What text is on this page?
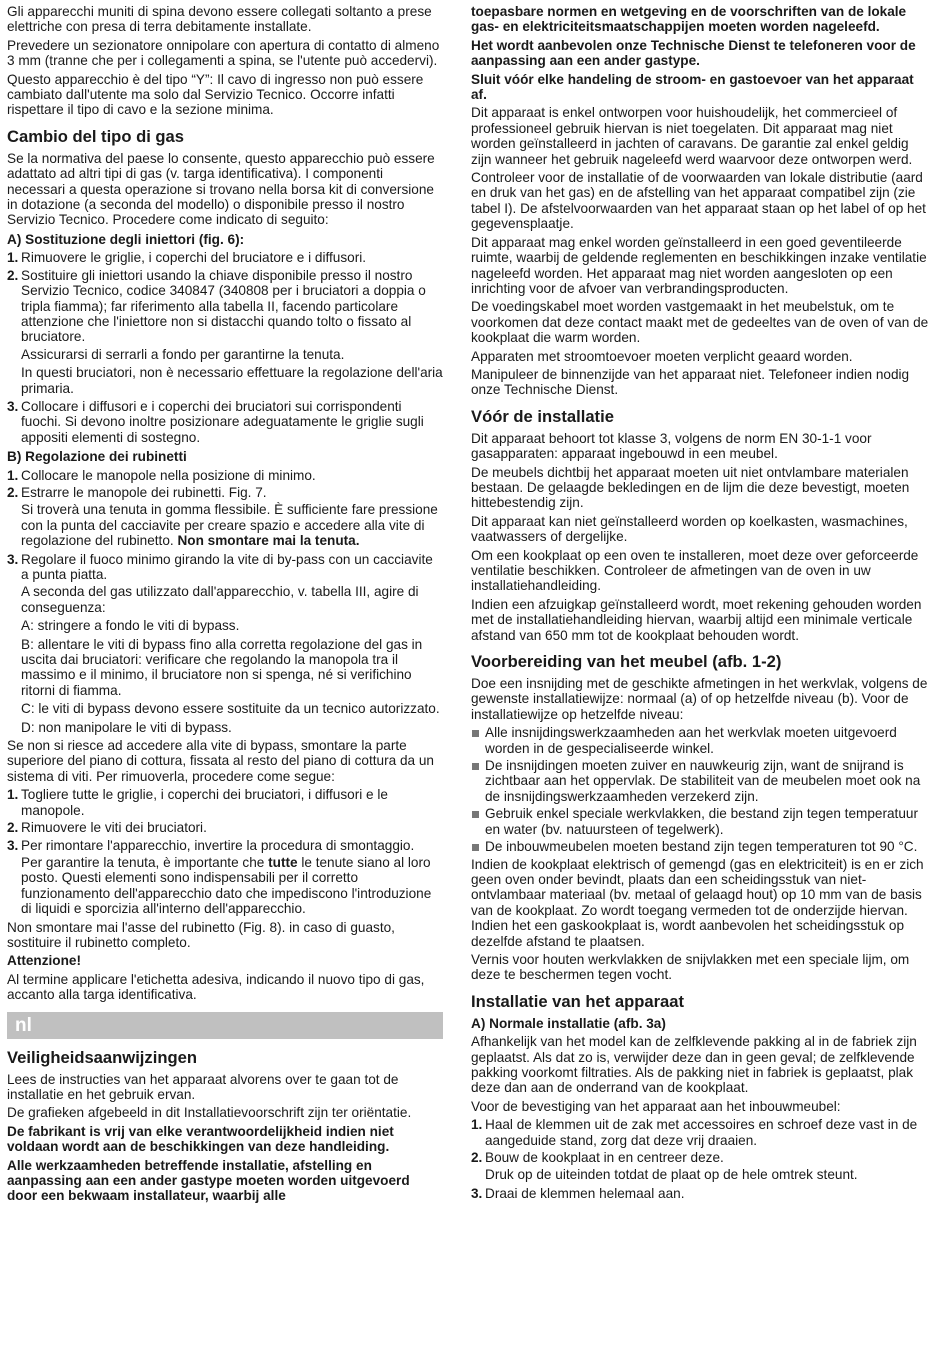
Gli apparecchi muniti di spina devono essere collegati soltanto a prese elettriche con presa di terra debitamente installate.

Prevedere un sezionatore onnipolare con apertura di contatto di almeno 3 mm (tranne che per i collegamenti a spina, se l'utente può accedervi).

Questo apparecchio è del tipo “Y”: Il cavo di ingresso non può essere cambiato dall'utente ma solo dal Servizio Tecnico. Occorre infatti rispettare il tipo di cavo e la sezione minima.

Cambio del tipo di gas

Se la normativa del paese lo consente, questo apparecchio può essere adattato ad altri tipi di gas (v. targa identificativa). I componenti necessari a questa operazione si trovano nella borsa kit di conversione in dotazione (a seconda del modello) o disponibile presso il nostro Servizio Tecnico. Procedere come indicato di seguito:

A) Sostituzione degli iniettori (fig. 6):
1. Rimuovere le griglie, i coperchi del bruciatore e i diffusori.
2. Sostituire gli iniettori usando la chiave disponibile presso il nostro Servizio Tecnico, codice 340847 (340808 per i bruciatori a doppia o tripla fiamma); far riferimento alla tabella II, facendo particolare attenzione che l'iniettore non si distacchi quando tolto o fissato al bruciatore.

Assicurarsi di serrarli a fondo per garantirne la tenuta.

In questi bruciatori, non è necessario effettuare la regolazione dell'aria primaria.

3. Collocare i diffusori e i coperchi dei bruciatori sui corrispondenti fuochi. Si devono inoltre posizionare adeguatamente le griglie sugli appositi elementi di sostegno.
B) Regolazione dei rubinetti
1. Collocare le manopole nella posizione di minimo.
2. Estrarre le manopole dei rubinetti. Fig. 7.

Si troverà una tenuta in gomma flessibile. È sufficiente fare pressione con la punta del cacciavite per creare spazio e accedere alla vite di regolazione del rubinetto. Non smontare mai la tenuta.

3. Regolare il fuoco minimo girando la vite di by-pass con un cacciavite a punta piatta.

A seconda del gas utilizzato dall'apparecchio, v. tabella III, agire di conseguenza:

A: stringere a fondo le viti di bypass.

B: allentare le viti di bypass fino alla corretta regolazione del gas in uscita dai bruciatori: verificare che regolando la manopola tra il massimo e il minimo, il bruciatore non si spenga, né si verifichino ritorni di fiamma.

C: le viti di bypass devono essere sostituite da un tecnico autorizzato.

D: non manipolare le viti di bypass.

Se non si riesce ad accedere alla vite di bypass, smontare la parte superiore del piano di cottura, fissata al resto del piano di cottura da un sistema di viti. Per rimuoverla, procedere come segue:

1. Togliere tutte le griglie, i coperchi dei bruciatori, i diffusori e le manopole.
2. Rimuovere le viti dei bruciatori.
3. Per rimontare l'apparecchio, invertire la procedura di smontaggio.

Per garantire la tenuta, è importante che tutte le tenute siano al loro posto. Questi elementi sono indispensabili per il corretto funzionamento dell'apparecchio dato che impediscono l'introduzione di liquidi e sporcizia all'interno dell'apparecchio.

Non smontare mai l'asse del rubinetto (Fig. 8). in caso di guasto, sostituire il rubinetto completo.

Attenzione!

Al termine applicare l'etichetta adesiva, indicando il nuovo tipo di gas, accanto alla targa identificativa.

nl
Veiligheidsaanwijzingen

Lees de instructies van het apparaat alvorens over te gaan tot de installatie en het gebruik ervan.

De grafieken afgebeeld in dit Installatievoorschrift zijn ter oriëntatie.

De fabrikant is vrij van elke verantwoordelijkheid indien niet voldaan wordt aan de beschikkingen van deze handleiding.

Alle werkzaamheden betreffende installatie, afstelling en aanpassing aan een ander gastype moeten worden uitgevoerd door een bekwaam installateur, waarbij alle

toepasbare normen en wetgeving en de voorschriften van de lokale gas- en elektriciteitsmaatschappijen moeten worden nageleefd.

Het wordt aanbevolen onze Technische Dienst te telefoneren voor de aanpassing aan een ander gastype.

Sluit vóór elke handeling de stroom- en gastoevoer van het apparaat af.

Dit apparaat is enkel ontworpen voor huishoudelijk, het commercieel of professioneel gebruik hiervan is niet toegelaten. Dit apparaat mag niet worden geïnstalleerd in jachten of caravans. De garantie zal enkel geldig zijn wanneer het gebruik nageleefd werd waarvoor deze ontworpen werd.

Controleer voor de installatie of de voorwaarden van lokale distributie (aard en druk van het gas) en de afstelling van het apparaat compatibel zijn (zie tabel I). De afstelvoorwaarden van het apparaat staan op het label of op het gegevensplaatje.

Dit apparaat mag enkel worden geïnstalleerd in een goed geventileerde ruimte, waarbij de geldende reglementen en beschikkingen inzake ventilatie nageleefd worden. Het apparaat mag niet worden aangesloten op een inrichting voor de afvoer van verbrandingsproducten.

De voedingskabel moet worden vastgemaakt in het meubelstuk, om te voorkomen dat deze contact maakt met de gedeeltes van de oven of van de kookplaat die warm worden.

Apparaten met stroomtoevoer moeten verplicht geaard worden.

Manipuleer de binnenzijde van het apparaat niet. Telefoneer indien nodig onze Technische Dienst.

Vóór de installatie

Dit apparaat behoort tot klasse 3, volgens de norm EN 30-1-1 voor gasapparaten: apparaat ingebouwd in een meubel.

De meubels dichtbij het apparaat moeten uit niet ontvlambare materialen bestaan. De gelaagde bekledingen en de lijm die deze bevestigt, moeten hittebestendig zijn.

Dit apparaat kan niet geïnstalleerd worden op koelkasten, wasmachines, vaatwassers of dergelijke.

Om een kookplaat op een oven te installeren, moet deze over geforceerde ventilatie beschikken. Controleer de afmetingen van de oven in uw installatiehandleiding.

Indien een afzuigkap geïnstalleerd wordt, moet rekening gehouden worden met de installatiehandleiding hiervan, waarbij altijd een minimale verticale afstand van 650 mm tot de kookplaat behouden wordt.

Voorbereiding van het meubel (afb. 1-2)

Doe een insnijding met de geschikte afmetingen in het werkvlak, volgens de gewenste installatiewijze: normaal (a) of op hetzelfde niveau (b). Voor de installatiewijze op hetzelfde niveau:

Alle insnijdingswerkzaamheden aan het werkvlak moeten uitgevoerd worden in de gespecialiseerde winkel.
De insnijdingen moeten zuiver en nauwkeurig zijn, want de snijrand is zichtbaar aan het oppervlak. De stabiliteit van de meubelen moet ook na de insnijdingswerkzaamheden verzekerd zijn.
Gebruik enkel speciale werkvlakken, die bestand zijn tegen temperatuur en water (bv. natuursteen of tegelwerk).
De inbouwmeubelen moeten bestand zijn tegen temperaturen tot 90 °C.

Indien de kookplaat elektrisch of gemengd (gas en elektriciteit) is en er zich geen oven onder bevindt, plaats dan een scheidingsstuk van niet-ontvlambaar materiaal (bv. metaal of gelaagd hout) op 10 mm van de basis van de kookplaat. Zo wordt toegang vermeden tot de onderzijde hiervan. Indien het een gaskookplaat is, wordt aanbevolen het scheidingsstuk op dezelfde afstand te plaatsen.

Vernis voor houten werkvlakken de snijvlakken met een speciale lijm, om deze te beschermen tegen vocht.

Installatie van het apparaat
A) Normale installatie (afb. 3a)

Afhankelijk van het model kan de zelfklevende pakking al in de fabriek zijn geplaatst. Als dat zo is, verwijder deze dan in geen geval; de zelfklevende pakking voorkomt filtraties. Als de pakking niet in fabriek is geplaatst, plak deze dan aan de onderrand van de kookplaat.

Voor de bevestiging van het apparaat aan het inbouwmeubel:

1. Haal de klemmen uit de zak met accessoires en schroef deze vast in de aangeduide stand, zorg dat deze vrij draaien.
2. Bouw de kookplaat in en centreer deze.

Druk op de uiteinden totdat de plaat op de hele omtrek steunt.

3. Draai de klemmen helemaal aan.
